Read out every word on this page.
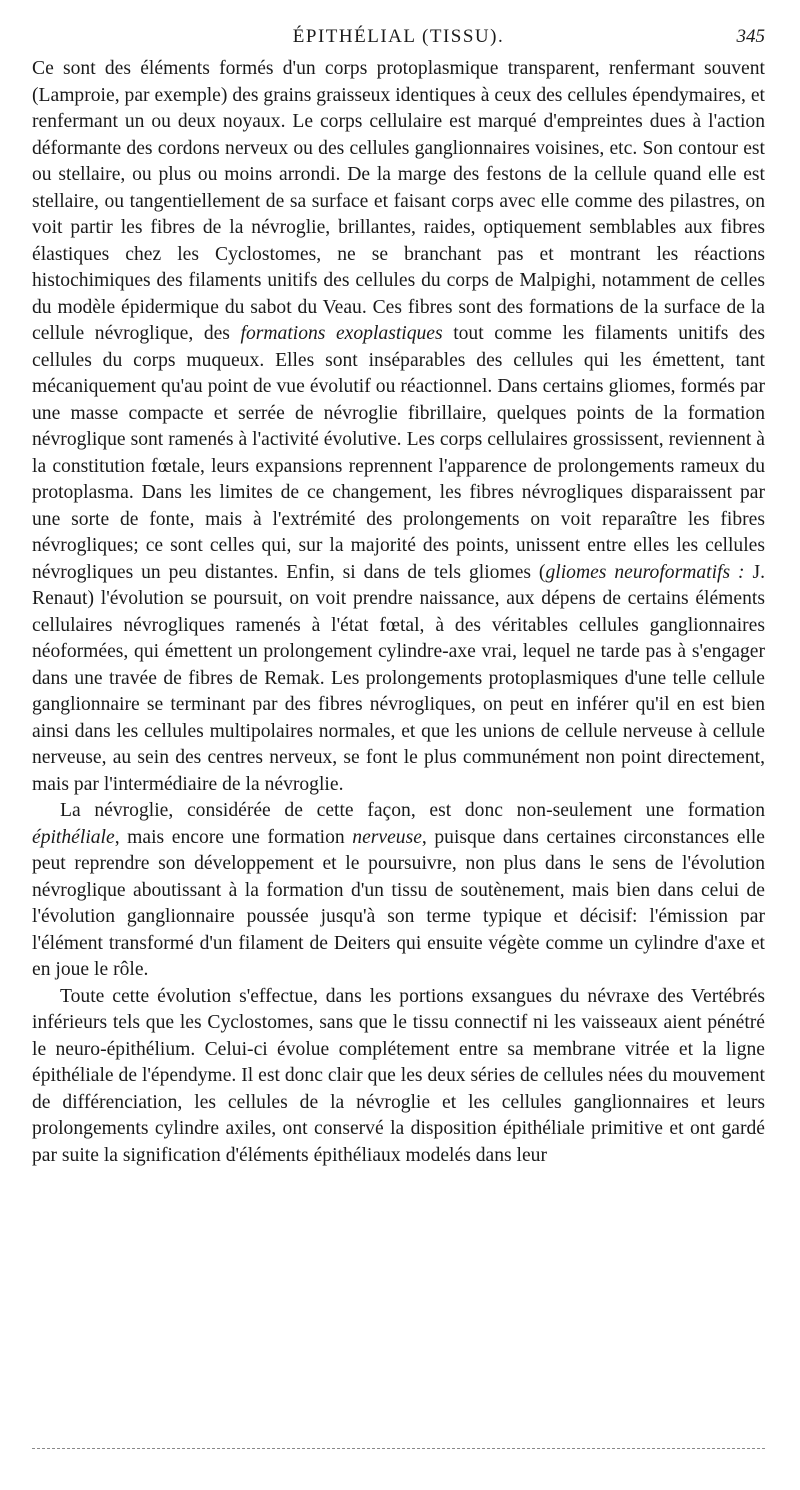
ÉPITHÉLIAL (TISSU).	345

Ce sont des éléments formés d'un corps protoplasmique transparent, renfermant souvent (Lamproie, par exemple) des grains graisseux identiques à ceux des cellules épendymaires, et renfermant un ou deux noyaux. Le corps cellulaire est marqué d'empreintes dues à l'action déformante des cordons nerveux ou des cellules ganglionnaires voisines, etc. Son contour est ou stellaire, ou plus ou moins arrondi. De la marge des festons de la cellule quand elle est stellaire, ou tangentiellement de sa surface et faisant corps avec elle comme des pilastres, on voit partir les fibres de la névroglie, brillantes, raides, optiquement semblables aux fibres élastiques chez les Cyclostomes, ne se branchant pas et montrant les réactions histochimiques des filaments unitifs des cellules du corps de Malpighi, notamment de celles du modèle épidermique du sabot du Veau. Ces fibres sont des formations de la surface de la cellule névroglique, des formations exoplastiques tout comme les filaments unitifs des cellules du corps muqueux. Elles sont inséparables des cellules qui les émettent, tant mécaniquement qu'au point de vue évolutif ou réactionnel. Dans certains gliomes, formés par une masse compacte et serrée de névroglie fibrillaire, quelques points de la formation névroglique sont ramenés à l'activité évolutive. Les corps cellulaires grossissent, reviennent à la constitution fœtale, leurs expansions reprennent l'apparence de prolongements rameux du protoplasma. Dans les limites de ce changement, les fibres névrogliques disparaissent par une sorte de fonte, mais à l'extrémité des prolongements on voit reparaître les fibres névrogliques; ce sont celles qui, sur la majorité des points, unissent entre elles les cellules névrogliques un peu distantes. Enfin, si dans de tels gliomes (gliomes neuroformatifs : J. Renaut) l'évolution se poursuit, on voit prendre naissance, aux dépens de certains éléments cellulaires névrogliques ramenés à l'état fœtal, à des véritables cellules ganglionnaires néoformées, qui émettent un prolongement cylindre-axe vrai, lequel ne tarde pas à s'engager dans une travée de fibres de Remak. Les prolongements protoplasmiques d'une telle cellule ganglionnaire se terminant par des fibres névrogliques, on peut en inférer qu'il en est bien ainsi dans les cellules multipolaires normales, et que les unions de cellule nerveuse à cellule nerveuse, au sein des centres nerveux, se font le plus communément non point directement, mais par l'intermédiaire de la névroglie.

La névroglie, considérée de cette façon, est donc non-seulement une formation épithéliale, mais encore une formation nerveuse, puisque dans certaines circonstances elle peut reprendre son développement et le poursuivre, non plus dans le sens de l'évolution névroglique aboutissant à la formation d'un tissu de soutènement, mais bien dans celui de l'évolution ganglionnaire poussée jusqu'à son terme typique et décisif: l'émission par l'élément transformé d'un filament de Deiters qui ensuite végète comme un cylindre d'axe et en joue le rôle.

Toute cette évolution s'effectue, dans les portions exsangues du névraxe des Vertébrés inférieurs tels que les Cyclostomes, sans que le tissu connectif ni les vaisseaux aient pénétré le neuro-épithélium. Celui-ci évolue complétement entre sa membrane vitrée et la ligne épithéliale de l'épendyme. Il est donc clair que les deux séries de cellules nées du mouvement de différenciation, les cellules de la névroglie et les cellules ganglionnaires et leurs prolongements cylindre axiles, ont conservé la disposition épithéliale primitive et ont gardé par suite la signification d'éléments épithéliaux modelés dans leur
